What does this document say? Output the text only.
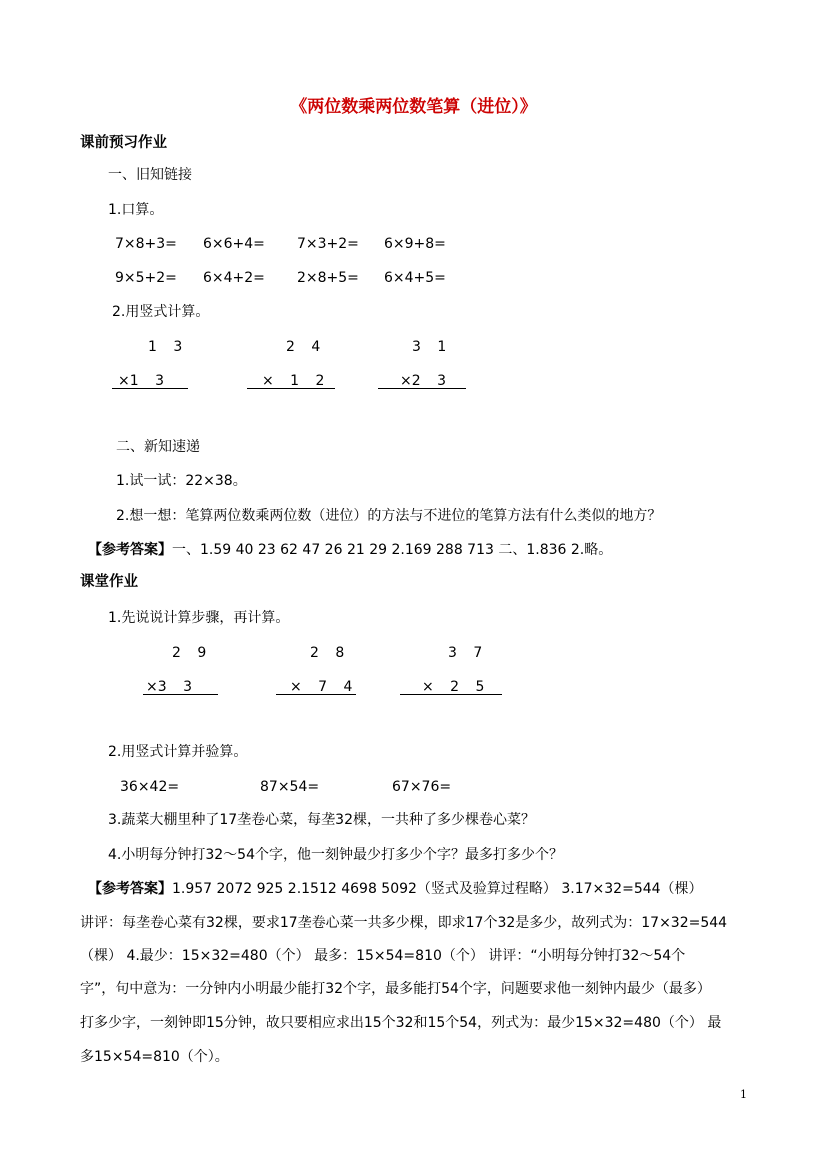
《两位数乘两位数笔算（进位）》
课前预习作业
一、旧知链接
1.口算。
7×8+3= 6×6+4= 7×3+2= 6×9+8=
9×5+2= 6×4+2= 2×8+5= 6×4+5=
2.用竖式计算。
1 3
×1 3
2 4
× 1 2
3 1
×2 3
二、新知速递
1.试一试：22×38。
2.想一想：笔算两位数乘两位数（进位）的方法与不进位的笔算方法有什么类似的地方？
【参考答案】一、1.59 40 23 62 47 26 21 29 2.169 288 713 二、1.836 2.略。
课堂作业
1.先说说计算步骤，再计算。
2 9
×3 3
2 8
× 7 4
3 7
× 2 5
2.用竖式计算并验算。
36×42=	87×54=	67×76=
3.蔬菜大棚里种了17垄卷心菜，每垄32棵，一共种了多少棵卷心菜？
4.小明每分钟打32～54个字，他一刻钟最少打多少个字？最多打多少个？
【参考答案】1.957 2072 925 2.1512 4698 5092（竖式及验算过程略） 3.17×32=544（棵）
讲评：每垄卷心菜有32棵，要求17垄卷心菜一共多少棵，即求17个32是多少，故列式为：17×32=544
（棵） 4.最少：15×32=480（个） 最多：15×54=810（个） 讲评：“小明每分钟打32～54个
字”，句中意为：一分钟内小明最少能打32个字，最多能打54个字，问题要求他一刻钟内最少（最多）
打多少字，一刻钟即15分钟，故只要相应求出15个32和15个54，列式为：最少15×32=480（个） 最
多15×54=810（个）。
1
